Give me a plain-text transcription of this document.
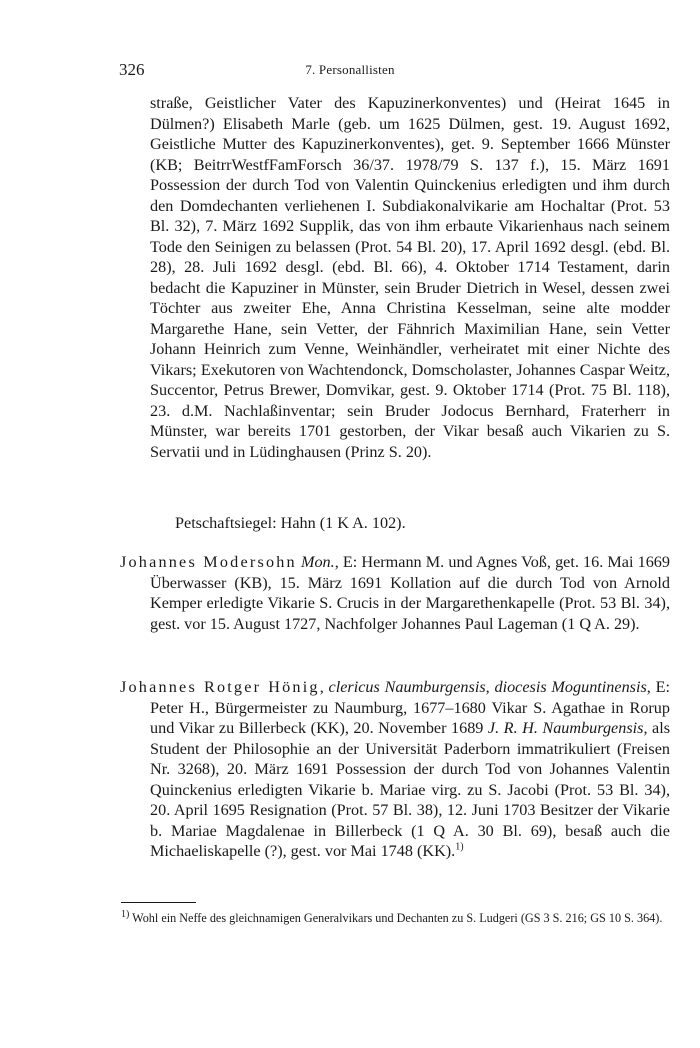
326	7. Personallisten

straße, Geistlicher Vater des Kapuzinerkonventes) und (Heirat 1645 in Dülmen?) Elisabeth Marle (geb. um 1625 Dülmen, gest. 19. August 1692, Geistliche Mutter des Kapuzinerkonventes), get. 9. September 1666 Münster (KB; BeitrrWestfFamForsch 36/37. 1978/79 S. 137 f.), 15. März 1691 Possession der durch Tod von Valentin Quinckenius erledigten und ihm durch den Domdechanten verliehenen I. Subdiakonalvikarie am Hochaltar (Prot. 53 Bl. 32), 7. März 1692 Supplik, das von ihm erbaute Vikarienhaus nach seinem Tode den Seinigen zu belassen (Prot. 54 Bl. 20), 17. April 1692 desgl. (ebd. Bl. 28), 28. Juli 1692 desgl. (ebd. Bl. 66), 4. Oktober 1714 Testament, darin bedacht die Kapuziner in Münster, sein Bruder Dietrich in Wesel, dessen zwei Töchter aus zweiter Ehe, Anna Christina Kesselman, seine alte modder Margarethe Hane, sein Vetter, der Fähnrich Maximilian Hane, sein Vetter Johann Heinrich zum Venne, Weinhändler, verheiratet mit einer Nichte des Vikars; Exekutoren von Wachtendonck, Domscholaster, Johannes Caspar Weitz, Succentor, Petrus Brewer, Domvikar, gest. 9. Oktober 1714 (Prot. 75 Bl. 118), 23. d.M. Nachlaßinventar; sein Bruder Jodocus Bernhard, Fraterherr in Münster, war bereits 1701 gestorben, der Vikar besaß auch Vikarien zu S. Servatii und in Lüdinghausen (Prinz S. 20).

Petschaftsiegel: Hahn (1 K A. 102).

Johannes Modersohn Mon., E: Hermann M. und Agnes Voß, get. 16. Mai 1669 Überwasser (KB), 15. März 1691 Kollation auf die durch Tod von Arnold Kemper erledigte Vikarie S. Crucis in der Margarethenkapelle (Prot. 53 Bl. 34), gest. vor 15. August 1727, Nachfolger Johannes Paul Lageman (1 Q A. 29).

Johannes Rotger Hönig, clericus Naumburgensis, diocesis Moguntinensis, E: Peter H., Bürgermeister zu Naumburg, 1677–1680 Vikar S. Agathae in Rorup und Vikar zu Billerbeck (KK), 20. November 1689 J. R. H. Naumburgensis, als Student der Philosophie an der Universität Paderborn immatrikuliert (Freisen Nr. 3268), 20. März 1691 Possession der durch Tod von Johannes Valentin Quinckenius erledigten Vikarie b. Mariae virg. zu S. Jacobi (Prot. 53 Bl. 34), 20. April 1695 Resignation (Prot. 57 Bl. 38), 12. Juni 1703 Besitzer der Vikarie b. Mariae Magdalenae in Billerbeck (1 Q A. 30 Bl. 69), besaß auch die Michaeliskapelle (?), gest. vor Mai 1748 (KK).$^{1)}$

$^{1)}$ Wohl ein Neffe des gleichnamigen Generalvikars und Dechanten zu S. Ludgeri (GS 3 S. 216; GS 10 S. 364).
